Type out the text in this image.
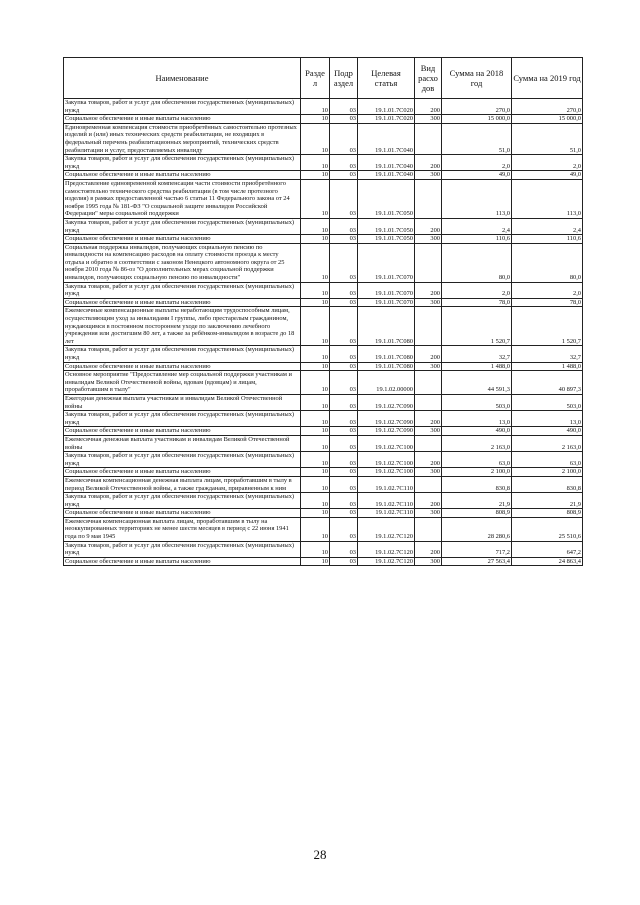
Наименование	Разде л	Подр аздел	Целевая статья	Вид расхо дов	Сумма на 2018 год	Сумма на 2019 год
Закупка товаров, работ и услуг для обеспечения государственных (муниципальных) нужд	10	03	19.1.01.7С020	200	270,0	270,0
Социальное обеспечение и иные выплаты населению	10	03	19.1.01.7С020	300	15 000,0	15 000,0
Единовременная компенсация стоимости приобретённых самостоятельно протезных изделий и (или) иных технических средств реабилитации, не входящих в федеральный перечень реабилитационных мероприятий, технических средств реабилитации и услуг, предоставляемых инвалиду	10	03	19.1.01.7С040		51,0	51,0
Закупка товаров, работ и услуг для обеспечения государственных (муниципальных) нужд	10	03	19.1.01.7С040	200	2,0	2,0
Социальное обеспечение и иные выплаты населению	10	03	19.1.01.7С040	300	49,0	49,0
Предоставление единовременной компенсации части стоимости приобретённого самостоятельно технического средства реабилитации (в том числе протезного изделия) в рамках предоставленной частью 6 статьи 11 Федерального закона от 24 ноября 1995 года № 181-ФЗ "О социальной защите инвалидов Российской Федерации" меры социальной поддержки	10	03	19.1.01.7С050		113,0	113,0
Закупка товаров, работ и услуг для обеспечения государственных (муниципальных) нужд	10	03	19.1.01.7С050	200	2,4	2,4
Социальное обеспечение и иные выплаты населению	10	03	19.1.01.7С050	300	110,6	110,6
Социальная поддержка инвалидов, получающих социальную пенсию по инвалидности на компенсацию расходов на оплату стоимости проезда к месту отдыха и обратно в соответствии с законом Ненецкого автономного округа от 25 ноября 2010 года № 86-оз "О дополнительных мерах социальной поддержки инвалидов, получающих социальную пенсию по инвалидности"	10	03	19.1.01.7С070		80,0	80,0
Закупка товаров, работ и услуг для обеспечения государственных (муниципальных) нужд	10	03	19.1.01.7С070	200	2,0	2,0
Социальное обеспечение и иные выплаты населению	10	03	19.1.01.7С070	300	78,0	78,0
Ежемесячные компенсационные выплаты неработающим трудоспособным лицам, осуществляющим уход за инвалидами I группы, либо престарелым гражданином, нуждающимся в постоянном постороннем уходе по заключению лечебного учреждения или достигшим 80 лет, а также за ребёнком-инвалидом в возрасте до 18 лет	10	03	19.1.01.7С080		1 520,7	1 520,7
Закупка товаров, работ и услуг для обеспечения государственных (муниципальных) нужд	10	03	19.1.01.7С080	200	32,7	32,7
Социальное обеспечение и иные выплаты населению	10	03	19.1.01.7С080	300	1 488,0	1 488,0
Основное мероприятие "Предоставление мер социальной поддержки участникам и инвалидам Великой Отечественной войны, вдовам (вдовцам) и лицам, проработавшим в тылу"	10	03	19.1.02.00000		44 591,3	40 897,3
Ежегодная денежная выплата участникам и инвалидам Великой Отечественной войны	10	03	19.1.02.7С090		503,0	503,0
Закупка товаров, работ и услуг для обеспечения государственных (муниципальных) нужд	10	03	19.1.02.7С090	200	13,0	13,0
Социальное обеспечение и иные выплаты населению	10	03	19.1.02.7С090	300	490,0	490,0
Ежемесячная денежная выплата участникам и инвалидам Великой Отечественной войны	10	03	19.1.02.7С100		2 163,0	2 163,0
Закупка товаров, работ и услуг для обеспечения государственных (муниципальных) нужд	10	03	19.1.02.7С100	200	63,0	63,0
Социальное обеспечение и иные выплаты населению	10	03	19.1.02.7С100	300	2 100,0	2 100,0
Ежемесячная компенсационная денежная выплата лицам, проработавшим в тылу в период Великой Отечественной войны, а также гражданам, приравненным к ним	10	03	19.1.02.7С110		830,8	830,8
Закупка товаров, работ и услуг для обеспечения государственных (муниципальных) нужд	10	03	19.1.02.7С110	200	21,9	21,9
Социальное обеспечение и иные выплаты населению	10	03	19.1.02.7С110	300	808,9	808,9
Ежемесячная компенсационная выплата лицам, проработавшим в тылу на неоккупированных территориях не менее шести месяцев в период с 22 июня 1941 года по 9 мая 1945	10	03	19.1.02.7С120		28 280,6	25 510,6
Закупка товаров, работ и услуг для обеспечения государственных (муниципальных) нужд	10	03	19.1.02.7С120	200	717,2	647,2
Социальное обеспечение и иные выплаты населению	10	03	19.1.02.7С120	300	27 563,4	24 863,4
28
